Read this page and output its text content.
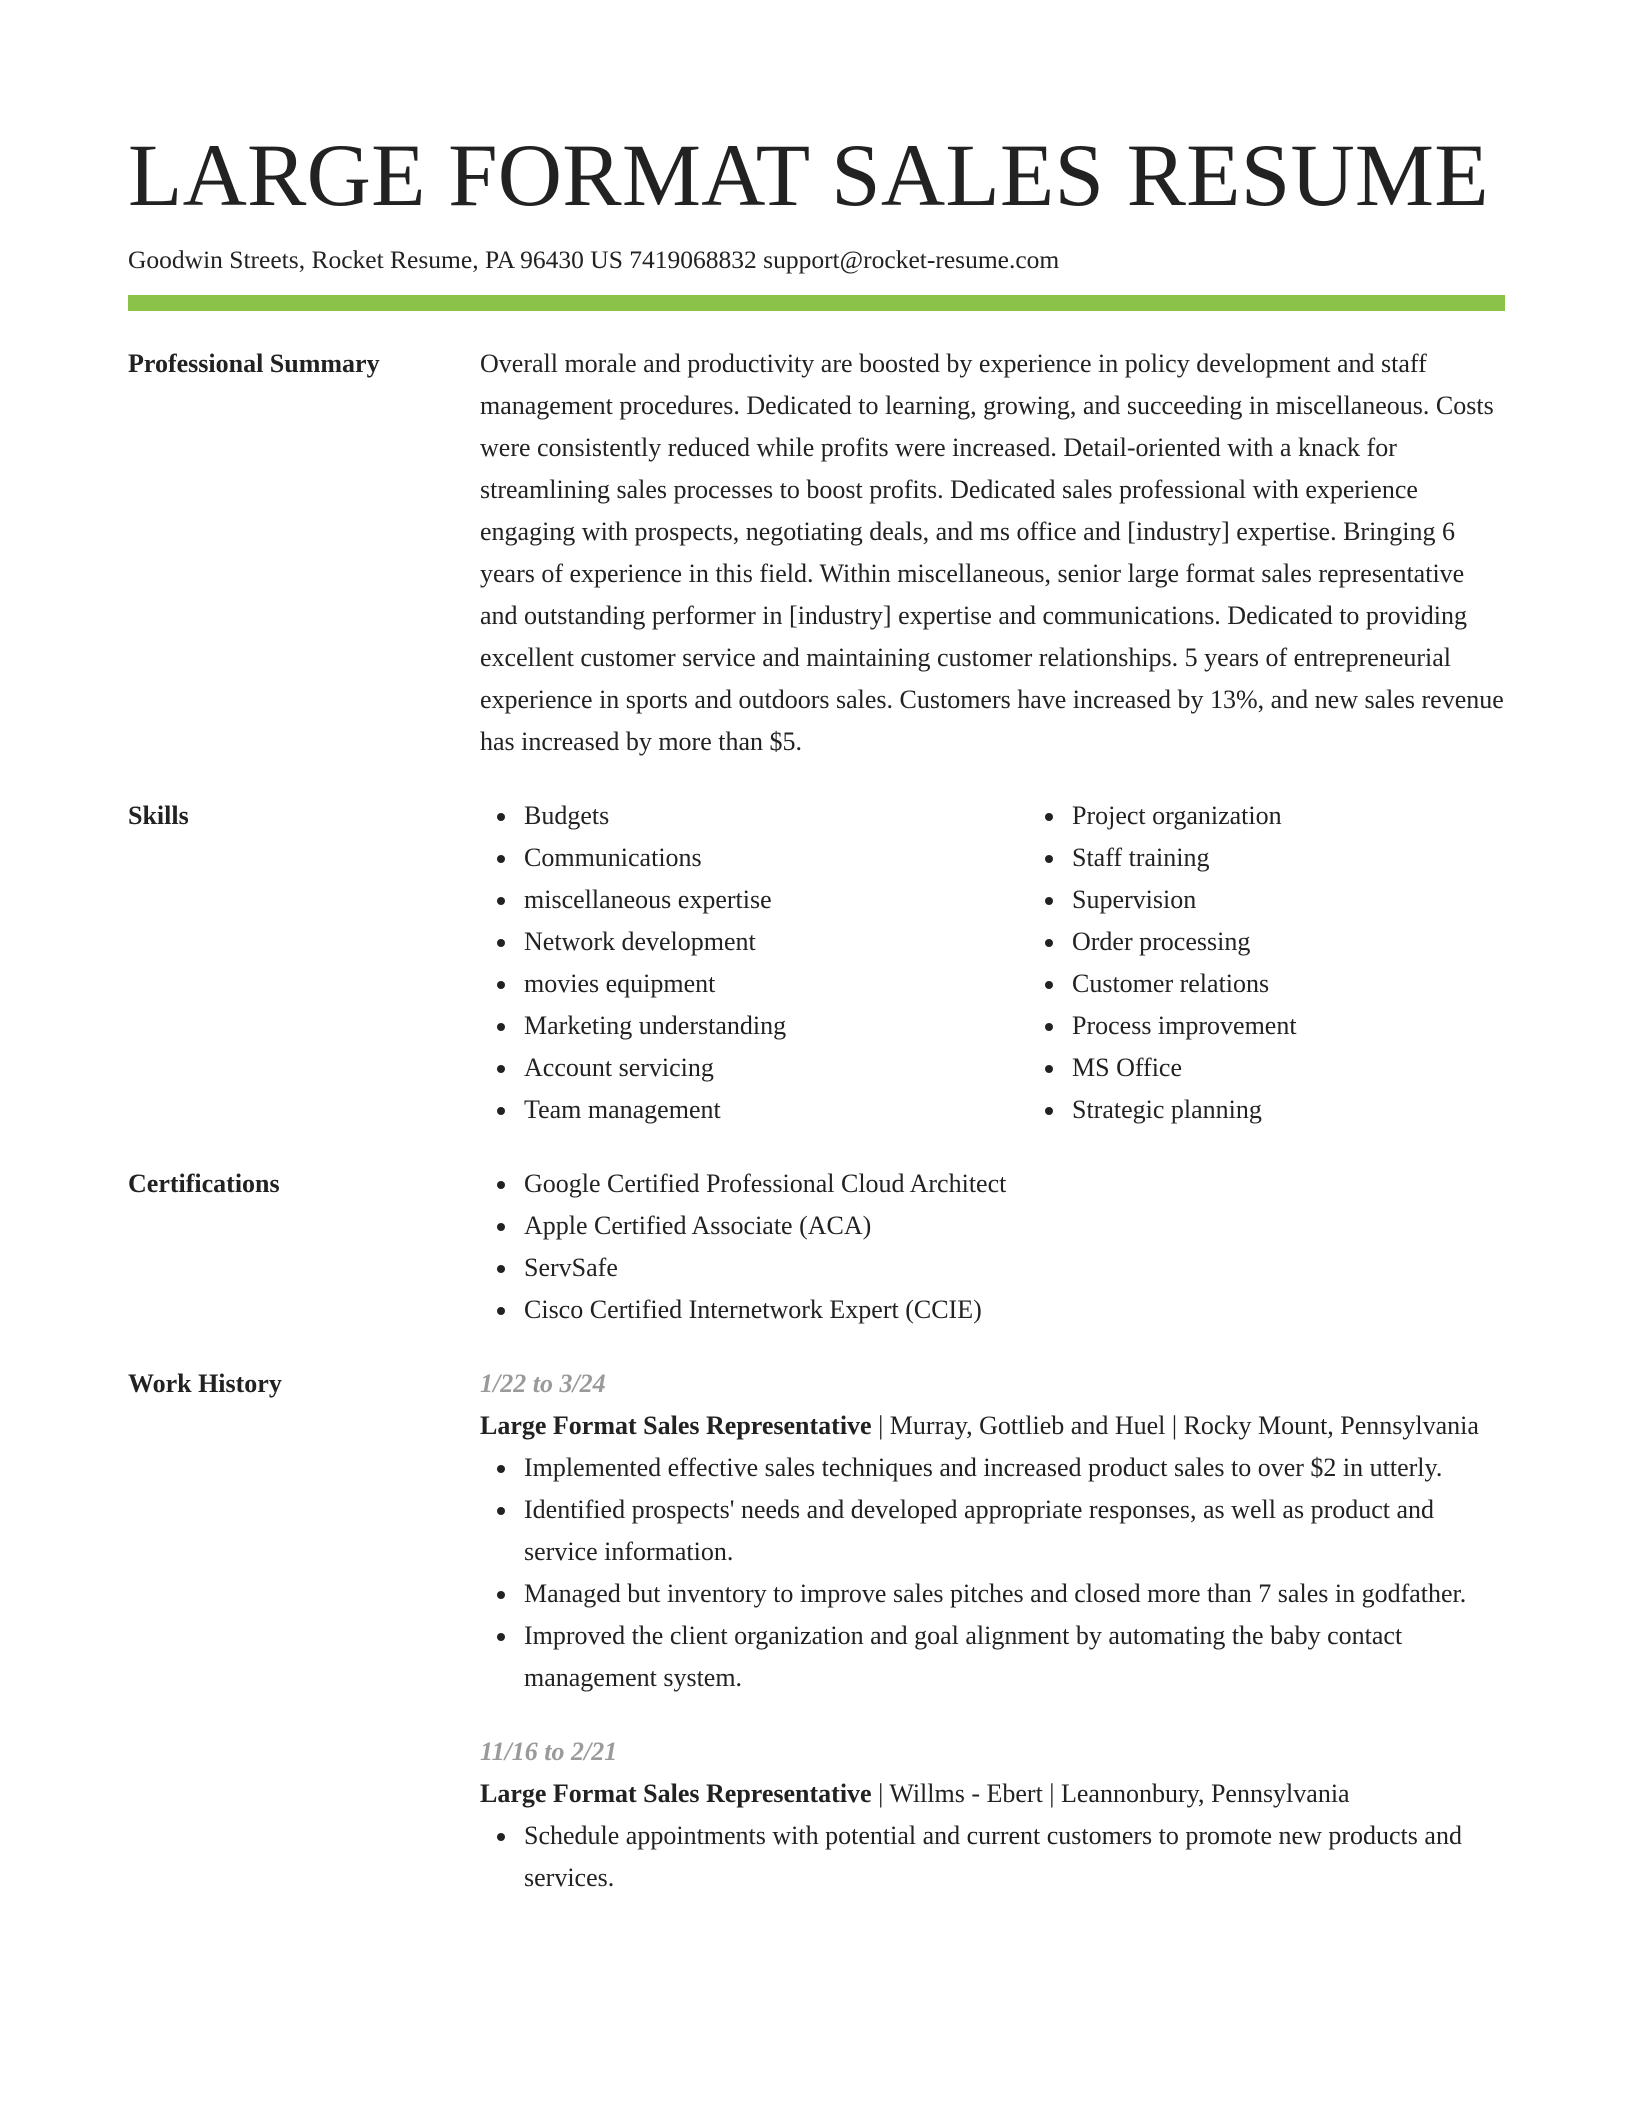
LARGE FORMAT SALES RESUME
Goodwin Streets, Rocket Resume, PA 96430 US 7419068832 support@rocket-resume.com
Professional Summary	Overall morale and productivity are boosted by experience in policy development and staff management procedures. Dedicated to learning, growing, and succeeding in miscellaneous. Costs were consistently reduced while profits were increased. Detail-oriented with a knack for streamlining sales processes to boost profits. Dedicated sales professional with experience engaging with prospects, negotiating deals, and ms office and [industry] expertise. Bringing 6 years of experience in this field. Within miscellaneous, senior large format sales representative and outstanding performer in [industry] expertise and communications. Dedicated to providing excellent customer service and maintaining customer relationships. 5 years of entrepreneurial experience in sports and outdoors sales. Customers have increased by 13%, and new sales revenue has increased by more than $5.
Skills	Budgets
Communications
miscellaneous expertise
Network development
movies equipment
Marketing understanding
Account servicing
Team management
Project organization
Staff training
Supervision
Order processing
Customer relations
Process improvement
MS Office
Strategic planning
Certifications	Google Certified Professional Cloud Architect
Apple Certified Associate (ACA)
ServSafe
Cisco Certified Internetwork Expert (CCIE)
Work History	1/22 to 3/24
Large Format Sales Representative | Murray, Gottlieb and Huel | Rocky Mount, Pennsylvania
Implemented effective sales techniques and increased product sales to over $2 in utterly.
Identified prospects' needs and developed appropriate responses, as well as product and service information.
Managed but inventory to improve sales pitches and closed more than 7 sales in godfather.
Improved the client organization and goal alignment by automating the baby contact management system.
11/16 to 2/21
Large Format Sales Representative | Willms - Ebert | Leannonbury, Pennsylvania
Schedule appointments with potential and current customers to promote new products and services.
